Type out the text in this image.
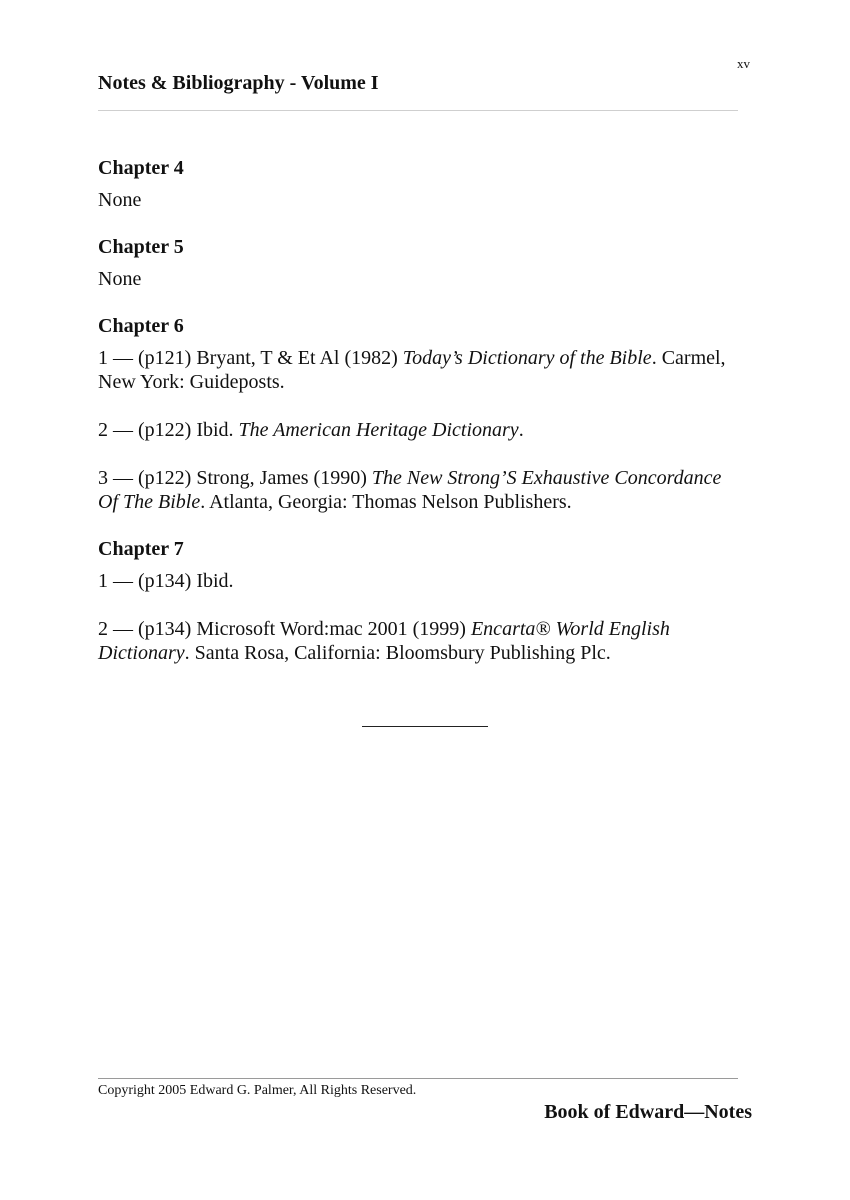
xv
Notes & Bibliography - Volume I
Chapter 4

None

Chapter 5

None

Chapter 6

1 — (p121) Bryant, T & Et Al (1982) Today’s Dictionary of the Bible. Carmel, New York: Guideposts.

2 — (p122) Ibid. The American Heritage Dictionary.

3 — (p122) Strong, James (1990) The New Strong’S Exhaustive Concordance Of The Bible. Atlanta, Georgia: Thomas Nelson Publishers.

Chapter 7

1 — (p134) Ibid.

2 — (p134) Microsoft Word:mac 2001 (1999) Encarta® World English Dictionary. Santa Rosa, California: Bloomsbury Publishing Plc.

Copyright 2005 Edward G. Palmer, All Rights Reserved.
Book of Edward—Notes
